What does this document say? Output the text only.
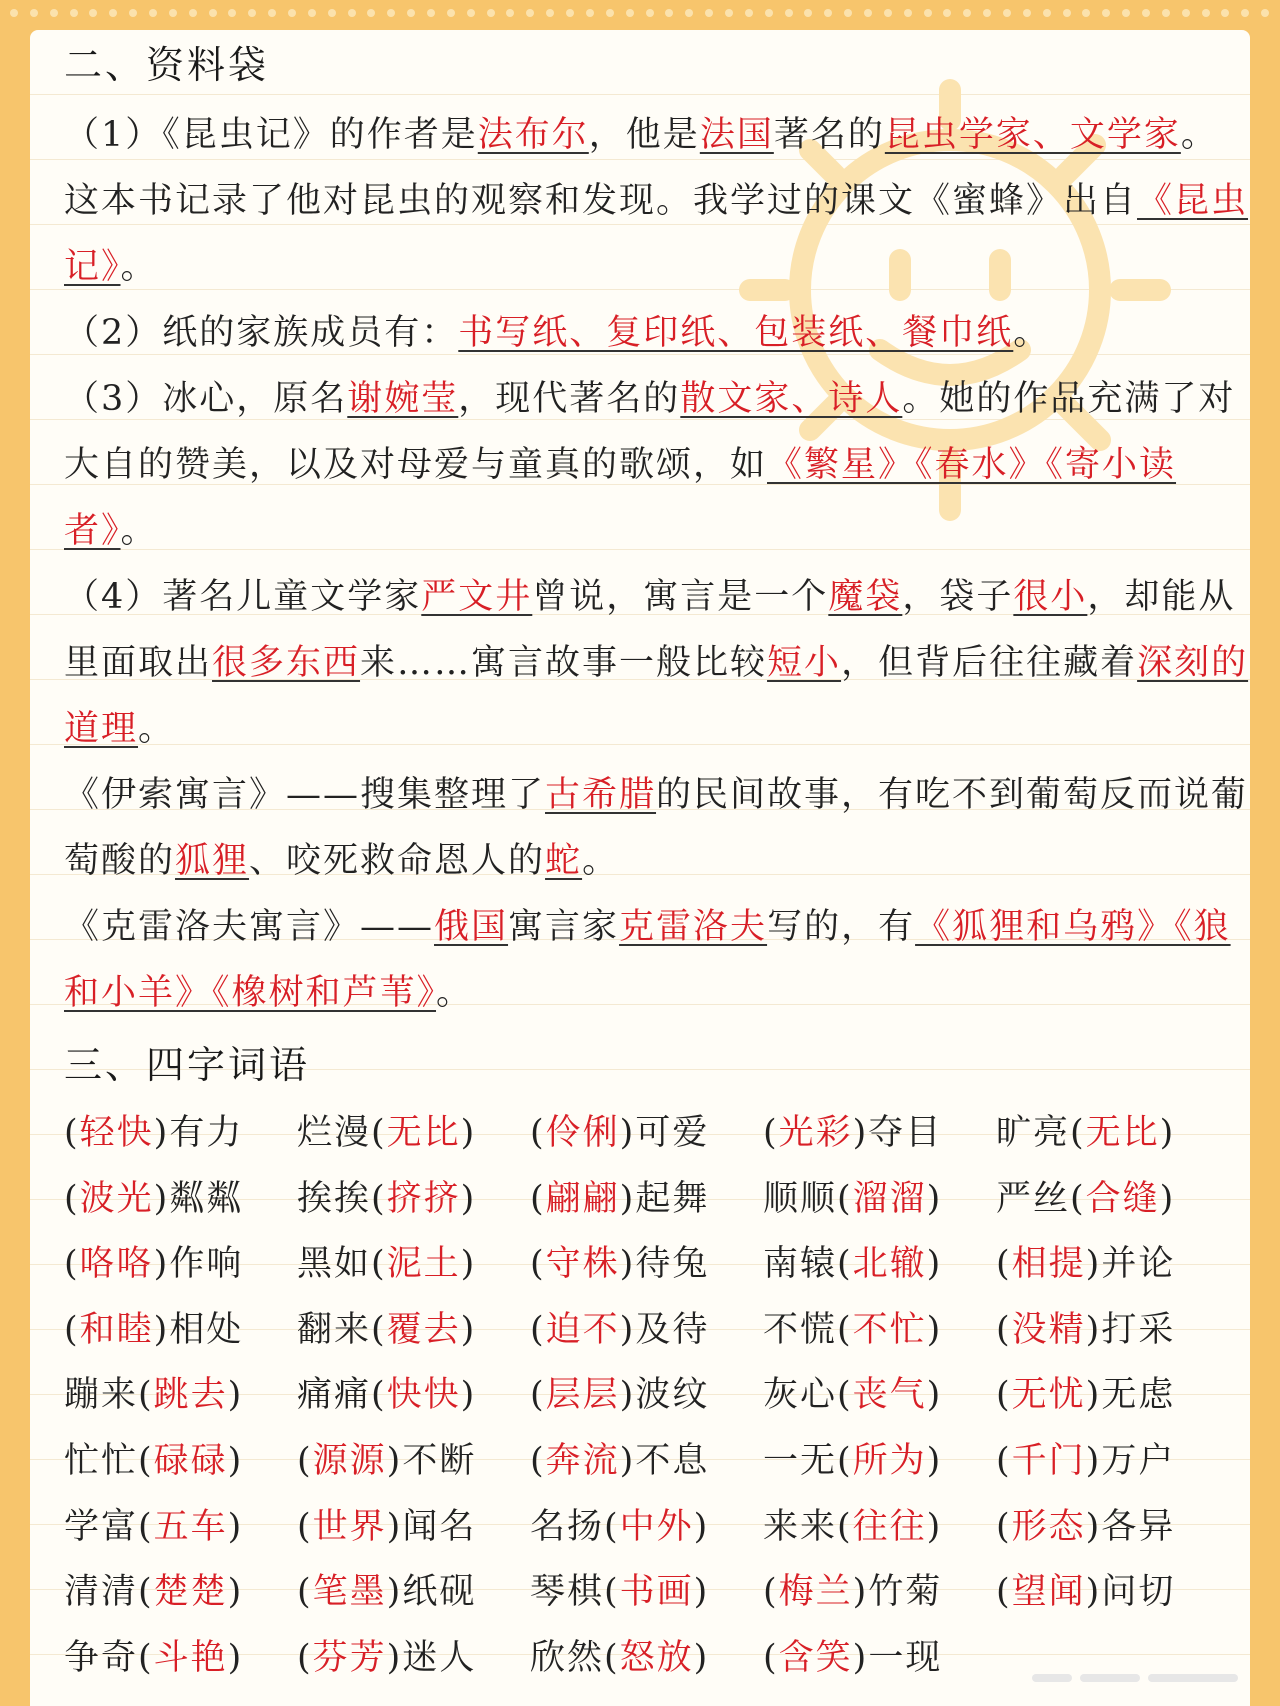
二、资料袋
（1）《昆虫记》的作者是法布尔，他是法国著名的昆虫学家、文学家。这本书记录了他对昆虫的观察和发现。我学过的课文《蜜蜂》出自《昆虫记》。
（2）纸的家族成员有：书写纸、复印纸、包装纸、餐巾纸。
（3）冰心，原名谢婉莹，现代著名的散文家、诗人。她的作品充满了对大自的赞美，以及对母爱与童真的歌颂，如《繁星》《春水》《寄小读者》。
（4）著名儿童文学家严文井曾说，寓言是一个魔袋，袋子很小，却能从里面取出很多东西来……寓言故事一般比较短小，但背后往往藏着深刻的道理。
《伊索寓言》——搜集整理了古希腊的民间故事，有吃不到葡萄反而说葡萄酸的狐狸、咬死救命恩人的蛇。
《克雷洛夫寓言》——俄国寓言家克雷洛夫写的，有《狐狸和乌鸦》《狼和小羊》《橡树和芦苇》。
三、四字词语
(轻快)有力	烂漫(无比)	(伶俐)可爱	(光彩)夺目	旷亮(无比)
(波光)粼粼	挨挨(挤挤)	(翩翩)起舞	顺顺(溜溜)	严丝(合缝)
(咯咯)作响	黑如(泥土)	(守株)待兔	南辕(北辙)	(相提)并论
(和睦)相处	翻来(覆去)	(迫不)及待	不慌(不忙)	(没精)打采
蹦来(跳去)	痛痛(快快)	(层层)波纹	灰心(丧气)	(无忧)无虑
忙忙(碌碌)	(源源)不断	(奔流)不息	一无(所为)	(千门)万户
学富(五车)	(世界)闻名	名扬(中外)	来来(往往)	(形态)各异
清清(楚楚)	(笔墨)纸砚	琴棋(书画)	(梅兰)竹菊	(望闻)问切
争奇(斗艳)	(芬芳)迷人	欣然(怒放)	(含笑)一现
